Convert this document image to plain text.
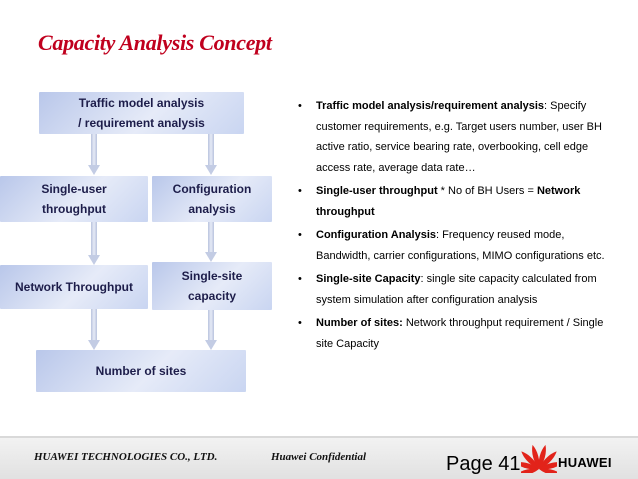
Capacity Analysis Concept
Traffic model analysis
/ requirement analysis
Single-user
throughput
Configuration
analysis
Network Throughput
Single-site
capacity
Number of sites
• Traffic model analysis/requirement analysis: Specify customer requirements, e.g. Target users number, user BH active ratio, service bearing rate, overbooking, cell edge access rate, average data rate…
• Single-user throughput * No of BH Users = Network throughput
• Configuration Analysis: Frequency reused mode, Bandwidth, carrier configurations, MIMO configurations etc.
• Single-site Capacity: single site capacity calculated from system simulation after configuration analysis
• Number of sites: Network throughput requirement / Single site Capacity
HUAWEI TECHNOLOGIES CO., LTD.	Huawei Confidential	Page 41	HUAWEI
